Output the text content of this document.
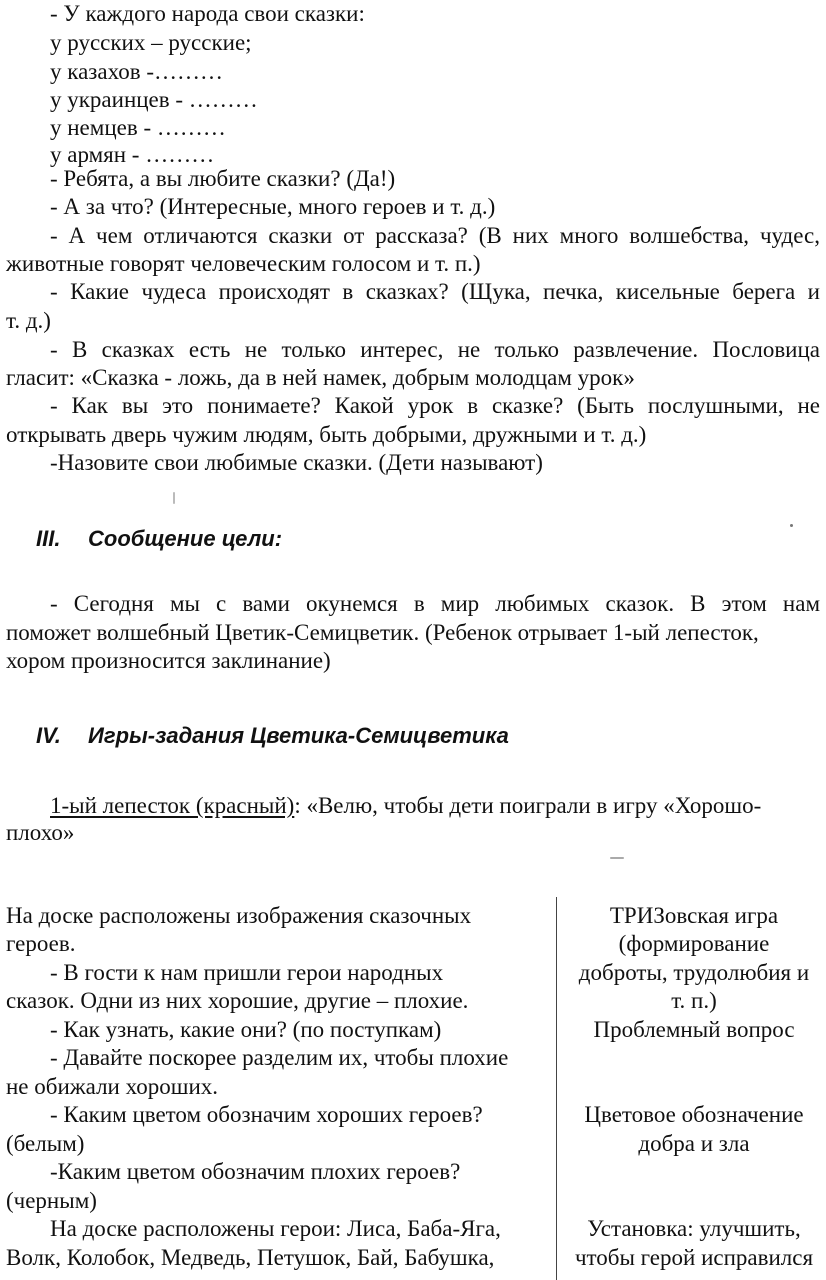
- У каждого народа свои сказки:
у русских – русские;
у казахов -………
у украинцев - ………
у немцев - ………
у армян - ………
- Ребята, а вы любите сказки? (Да!)
- А за что? (Интересные, много героев и т. д.)
- А чем отличаются сказки от рассказа? (В них много волшебства, чудес,
животные говорят человеческим голосом и т. п.)
- Какие чудеса происходят в сказках? (Щука, печка, кисельные берега и
т. д.)
- В сказках есть не только интерес, не только развлечение. Пословица
гласит: «Сказка - ложь, да в ней намек, добрым молодцам урок»
- Как вы это понимаете? Какой урок в сказке? (Быть послушными, не
открывать дверь чужим людям, быть добрыми, дружными и т. д.)
-Назовите свои любимые сказки. (Дети называют)
III. Сообщение цели:
- Сегодня мы с вами окунемся в мир любимых сказок. В этом нам
поможет волшебный Цветик-Семицветик. (Ребенок отрывает 1-ый лепесток,
хором произносится заклинание)
IV. Игры-задания Цветика-Семицветика
1-ый лепесток (красный): «Велю, чтобы дети поиграли в игру «Хорошо-
плохо»
На доске расположены изображения сказочных
героев.
- В гости к нам пришли герои народных
сказок. Одни из них хорошие, другие – плохие.
- Как узнать, какие они? (по поступкам)
- Давайте поскорее разделим их, чтобы плохие
не обижали хороших.
- Каким цветом обозначим хороших героев?
(белым)
-Каким цветом обозначим плохих героев?
(черным)
На доске расположены герои: Лиса, Баба-Яга,
Волк, Колобок, Медведь, Петушок, Бай, Бабушка,
ТРИЗовская игра
(формирование
доброты, трудолюбия и
т. п.)
Проблемный вопрос
Цветовое обозначение
добра и зла
Установка: улучшить,
чтобы герой исправился
